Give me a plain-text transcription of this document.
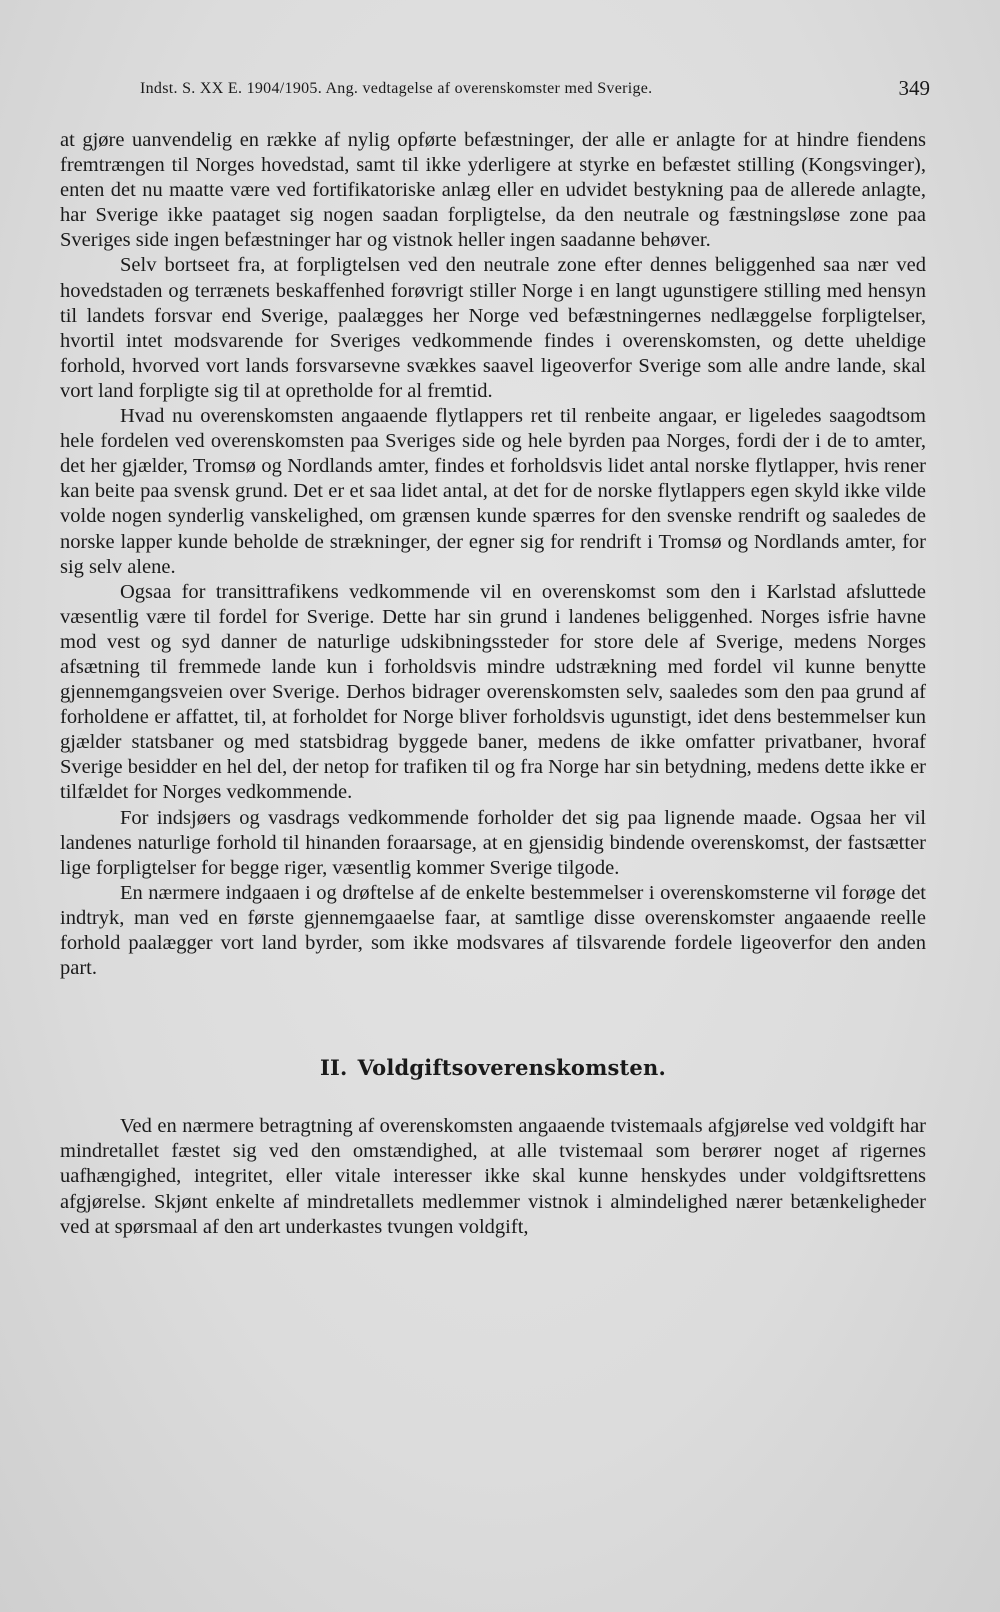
Indst. S. XX E. 1904/1905. Ang. vedtagelse af overenskomster med Sverige.	349

at gjøre uanvendelig en række af nylig opførte befæstninger, der alle er anlagte for at hindre fiendens fremtrængen til Norges hovedstad, samt til ikke yderligere at styrke en befæstet stilling (Kongsvinger), enten det nu maatte være ved fortifikatoriske anlæg eller en udvidet bestykning paa de allerede anlagte, har Sverige ikke paataget sig nogen saadan forpligtelse, da den neutrale og fæstningsløse zone paa Sveriges side ingen befæstninger har og vistnok heller ingen saadanne behøver.

Selv bortseet fra, at forpligtelsen ved den neutrale zone efter dennes beliggenhed saa nær ved hovedstaden og terrænets beskaffenhed forøvrigt stiller Norge i en langt ugunstigere stilling med hensyn til landets forsvar end Sverige, paalægges her Norge ved befæstningernes nedlæggelse forpligtelser, hvortil intet modsvarende for Sveriges vedkommende findes i overenskomsten, og dette uheldige forhold, hvorved vort lands forsvarsevne svækkes saavel ligeoverfor Sverige som alle andre lande, skal vort land forpligte sig til at opretholde for al fremtid.

Hvad nu overenskomsten angaaende flytlappers ret til renbeite angaar, er ligeledes saagodtsom hele fordelen ved overenskomsten paa Sveriges side og hele byrden paa Norges, fordi der i de to amter, det her gjælder, Tromsø og Nordlands amter, findes et forholdsvis lidet antal norske flytlapper, hvis rener kan beite paa svensk grund. Det er et saa lidet antal, at det for de norske flytlappers egen skyld ikke vilde volde nogen synderlig vanskelighed, om grænsen kunde spærres for den svenske rendrift og saaledes de norske lapper kunde beholde de strækninger, der egner sig for rendrift i Tromsø og Nordlands amter, for sig selv alene.

Ogsaa for transittrafikens vedkommende vil en overenskomst som den i Karlstad afsluttede væsentlig være til fordel for Sverige. Dette har sin grund i landenes beliggenhed. Norges isfrie havne mod vest og syd danner de naturlige udskibningssteder for store dele af Sverige, medens Norges afsætning til fremmede lande kun i forholdsvis mindre udstrækning med fordel vil kunne benytte gjennemgangsveien over Sverige. Derhos bidrager overenskomsten selv, saaledes som den paa grund af forholdene er affattet, til, at forholdet for Norge bliver forholdsvis ugunstigt, idet dens bestemmelser kun gjælder statsbaner og med statsbidrag byggede baner, medens de ikke omfatter privatbaner, hvoraf Sverige besidder en hel del, der netop for trafiken til og fra Norge har sin betydning, medens dette ikke er tilfældet for Norges vedkommende.

For indsjøers og vasdrags vedkommende forholder det sig paa lignende maade. Ogsaa her vil landenes naturlige forhold til hinanden foraarsage, at en gjensidig bindende overenskomst, der fastsætter lige forpligtelser for begge riger, væsentlig kommer Sverige tilgode.

En nærmere indgaaen i og drøftelse af de enkelte bestemmelser i overenskomsterne vil forøge det indtryk, man ved en første gjennemgaaelse faar, at samtlige disse overenskomster angaaende reelle forhold paalægger vort land byrder, som ikke modsvares af tilsvarende fordele ligeoverfor den anden part.

II. Voldgiftsoverenskomsten.

Ved en nærmere betragtning af overenskomsten angaaende tvistemaals afgjørelse ved voldgift har mindretallet fæstet sig ved den omstændighed, at alle tvistemaal som berører noget af rigernes uafhængighed, integritet, eller vitale interesser ikke skal kunne henskydes under voldgiftsrettens afgjørelse. Skjønt enkelte af mindretallets medlemmer vistnok i almindelighed nærer betænkeligheder ved at spørsmaal af den art underkastes tvungen voldgift,
